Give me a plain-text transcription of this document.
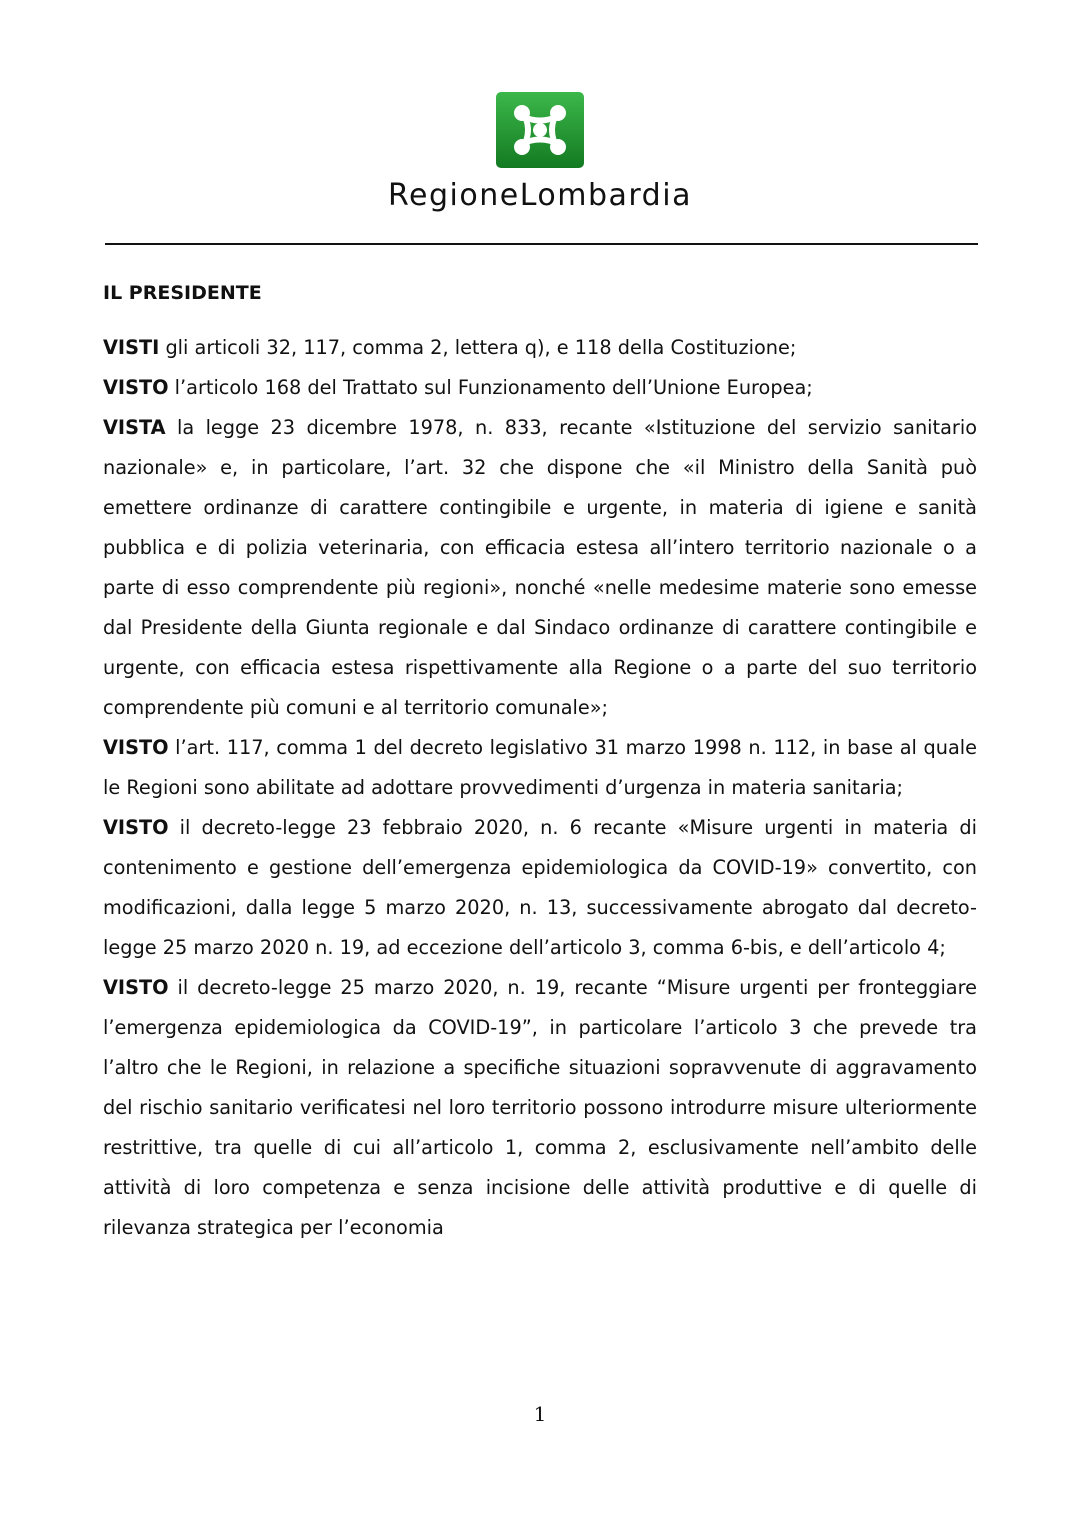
RegioneLombardia
IL PRESIDENTE

VISTI gli articoli 32, 117, comma 2, lettera q), e 118 della Costituzione;

VISTO l’articolo 168 del Trattato sul Funzionamento dell’Unione Europea;

VISTA la legge 23 dicembre 1978, n. 833, recante «Istituzione del servizio sanitario nazionale» e, in particolare, l’art. 32 che dispone che «il Ministro della Sanità può emettere ordinanze di carattere contingibile e urgente, in materia di igiene e sanità pubblica e di polizia veterinaria, con efficacia estesa all’intero territorio nazionale o a parte di esso comprendente più regioni», nonché «nelle medesime materie sono emesse dal Presidente della Giunta regionale e dal Sindaco ordinanze di carattere contingibile e urgente, con efficacia estesa rispettivamente alla Regione o a parte del suo territorio comprendente più comuni e al territorio comunale»;

VISTO l’art. 117, comma 1 del decreto legislativo 31 marzo 1998 n. 112, in base al quale le Regioni sono abilitate ad adottare provvedimenti d’urgenza in materia sanitaria;

VISTO il decreto-legge 23 febbraio 2020, n. 6 recante «Misure urgenti in materia di contenimento e gestione dell’emergenza epidemiologica da COVID-19» convertito, con modificazioni, dalla legge 5 marzo 2020, n. 13, successivamente abrogato dal decreto-legge 25 marzo 2020 n. 19, ad eccezione dell’articolo 3, comma 6-bis, e dell’articolo 4;

VISTO il decreto-legge 25 marzo 2020, n. 19, recante “Misure urgenti per fronteggiare l’emergenza epidemiologica da COVID-19”, in particolare l’articolo 3 che prevede tra l’altro che le Regioni, in relazione a specifiche situazioni sopravvenute di aggravamento del rischio sanitario verificatesi nel loro territorio possono introdurre misure ulteriormente restrittive, tra quelle di cui all’articolo 1, comma 2, esclusivamente nell’ambito delle attività di loro competenza e senza incisione delle attività produttive e di quelle di rilevanza strategica per l’economia

1
